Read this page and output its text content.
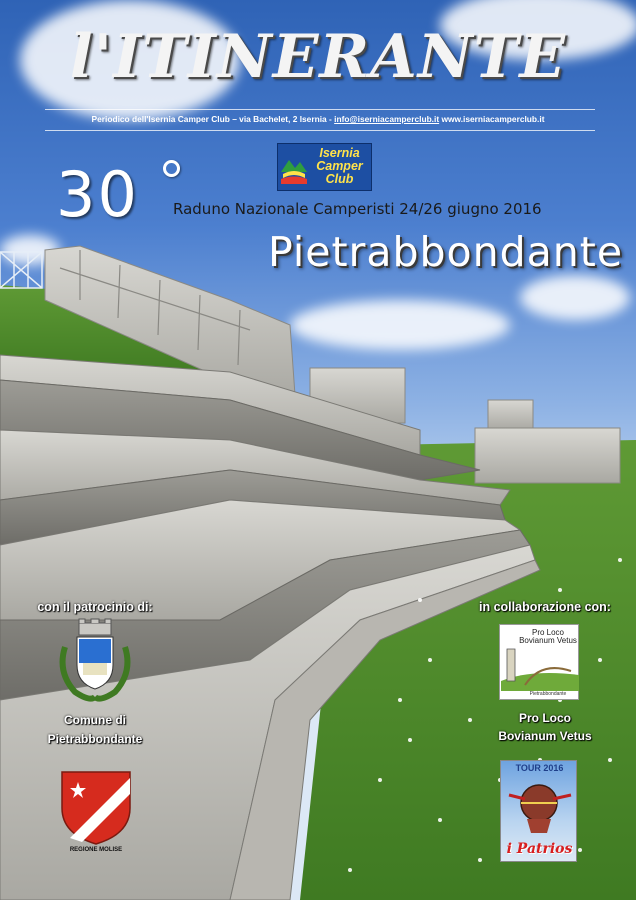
l'ITINERANTE
Periodico dell'Isernia Camper Club – via Bachelet, 2 Isernia - info@iserniacamperclub.it www.iserniacamperclub.it
Isernia
Camper
Club
30 Raduno Nazionale Camperisti 24/26 giugno 2016
Pietrabbondante
con il patrocinio di:
Comune di
Pietrabbondante
REGIONE MOLISE
in collaborazione con:
Pro Loco
Bovianum Vetus
Pietrabbondante
Pro Loco
Bovianum Vetus
TOUR 2016
i Patrios
